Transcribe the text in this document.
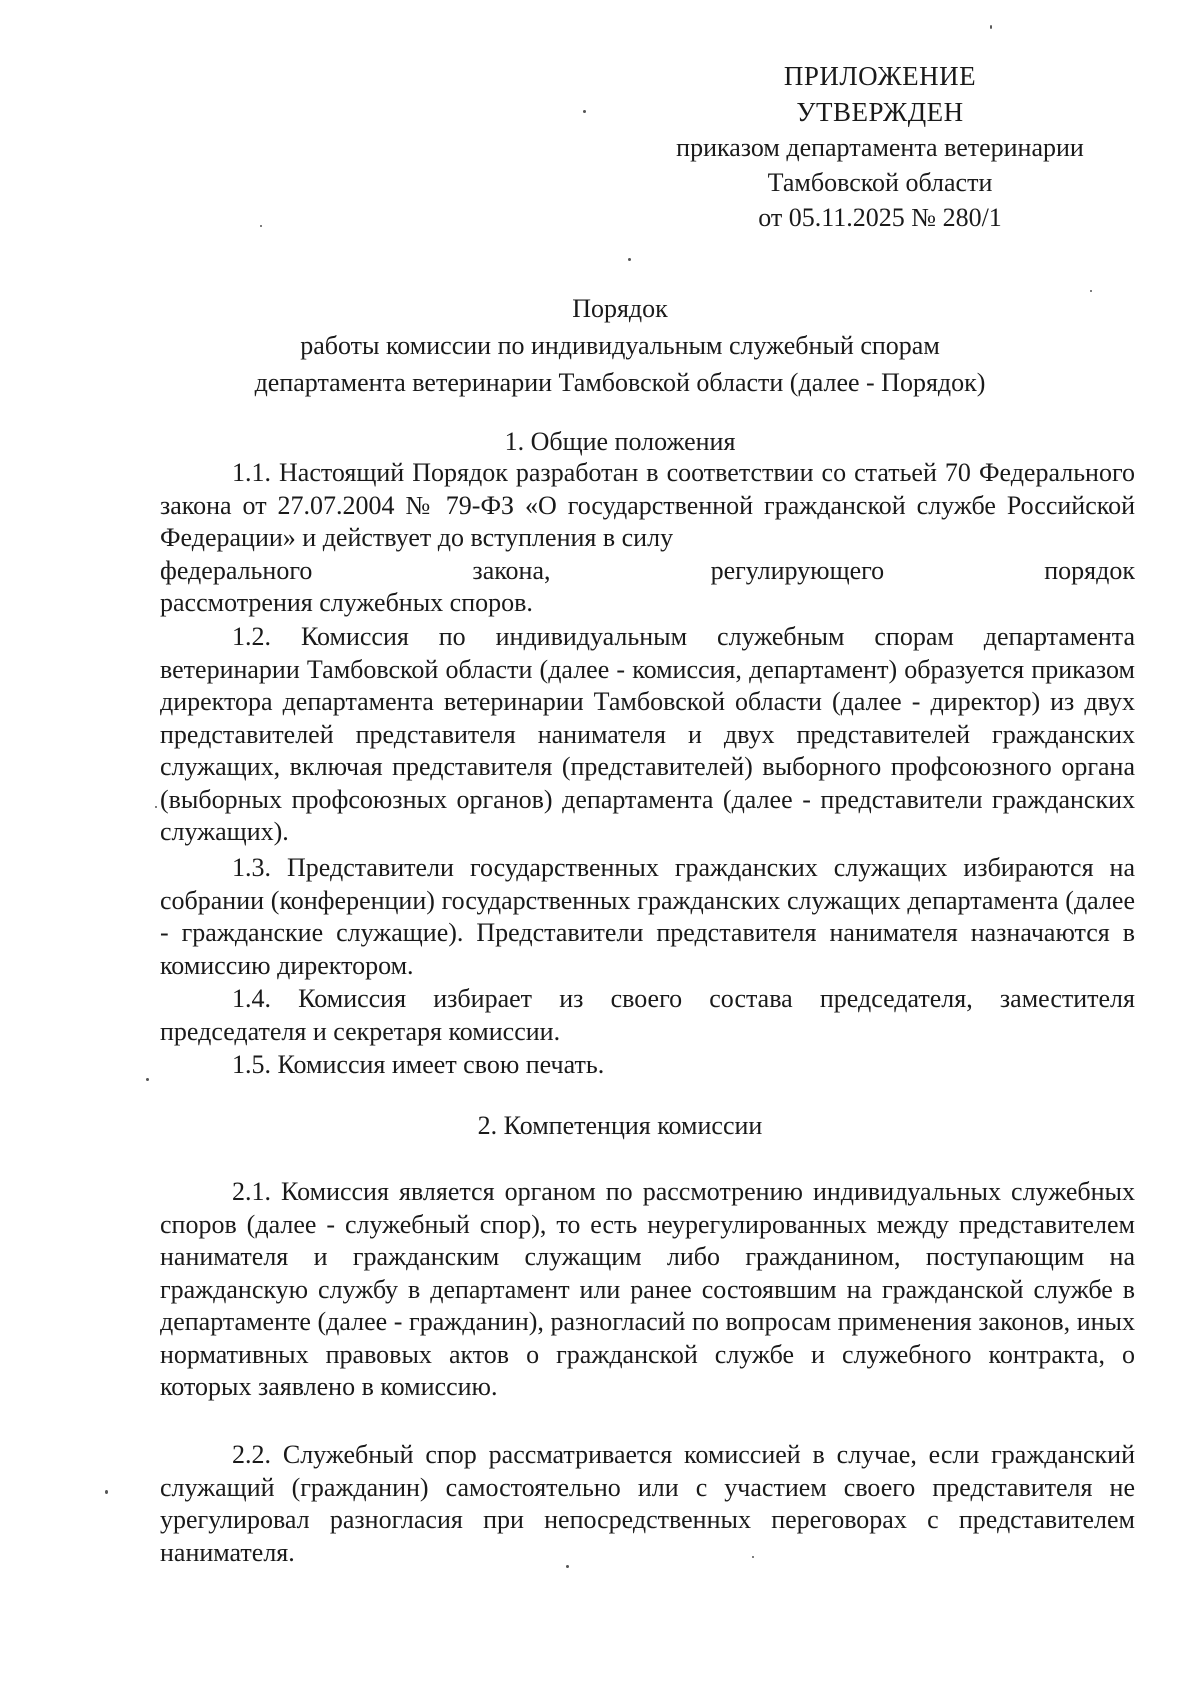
ПРИЛОЖЕНИЕ
УТВЕРЖДЕН
приказом департамента ветеринарии
Тамбовской области
от 05.11.2025 № 280/1
Порядок
работы комиссии по индивидуальным служебный спорам
департамента ветеринарии Тамбовской области (далее - Порядок)
1. Общие положения
1.1. Настоящий Порядок разработан в соответствии со статьей 70 Федерального закона от 27.07.2004 № 79-ФЗ «О государственной гражданской службе Российской Федерации» и действует до вступления в силу
федерального	закона,	регулирующего	порядок
рассмотрения служебных споров.
1.2. Комиссия по индивидуальным служебным спорам департамента ветеринарии Тамбовской области (далее - комиссия, департамент) образуется приказом директора департамента ветеринарии Тамбовской области (далее - директор) из двух представителей представителя нанимателя и двух представителей гражданских служащих, включая представителя (представителей) выборного профсоюзного органа (выборных профсоюзных органов) департамента (далее - представители гражданских служащих).
1.3. Представители государственных гражданских служащих избираются на собрании (конференции) государственных гражданских служащих департамента (далее - гражданские служащие). Представители представителя нанимателя назначаются в комиссию директором.
1.4. Комиссия избирает из своего состава председателя, заместителя председателя и секретаря комиссии.
1.5. Комиссия имеет свою печать.
2. Компетенция комиссии
2.1. Комиссия является органом по рассмотрению индивидуальных служебных споров (далее - служебный спор), то есть неурегулированных между представителем нанимателя и гражданским служащим либо гражданином, поступающим на гражданскую службу в департамент или ранее состоявшим на гражданской службе в департаменте (далее - гражданин), разногласий по вопросам применения законов, иных нормативных правовых актов о гражданской службе и служебного контракта, о которых заявлено в комиссию.
2.2. Служебный спор рассматривается комиссией в случае, если гражданский служащий (гражданин) самостоятельно или с участием своего представителя не урегулировал разногласия при непосредственных переговорах с представителем нанимателя.
